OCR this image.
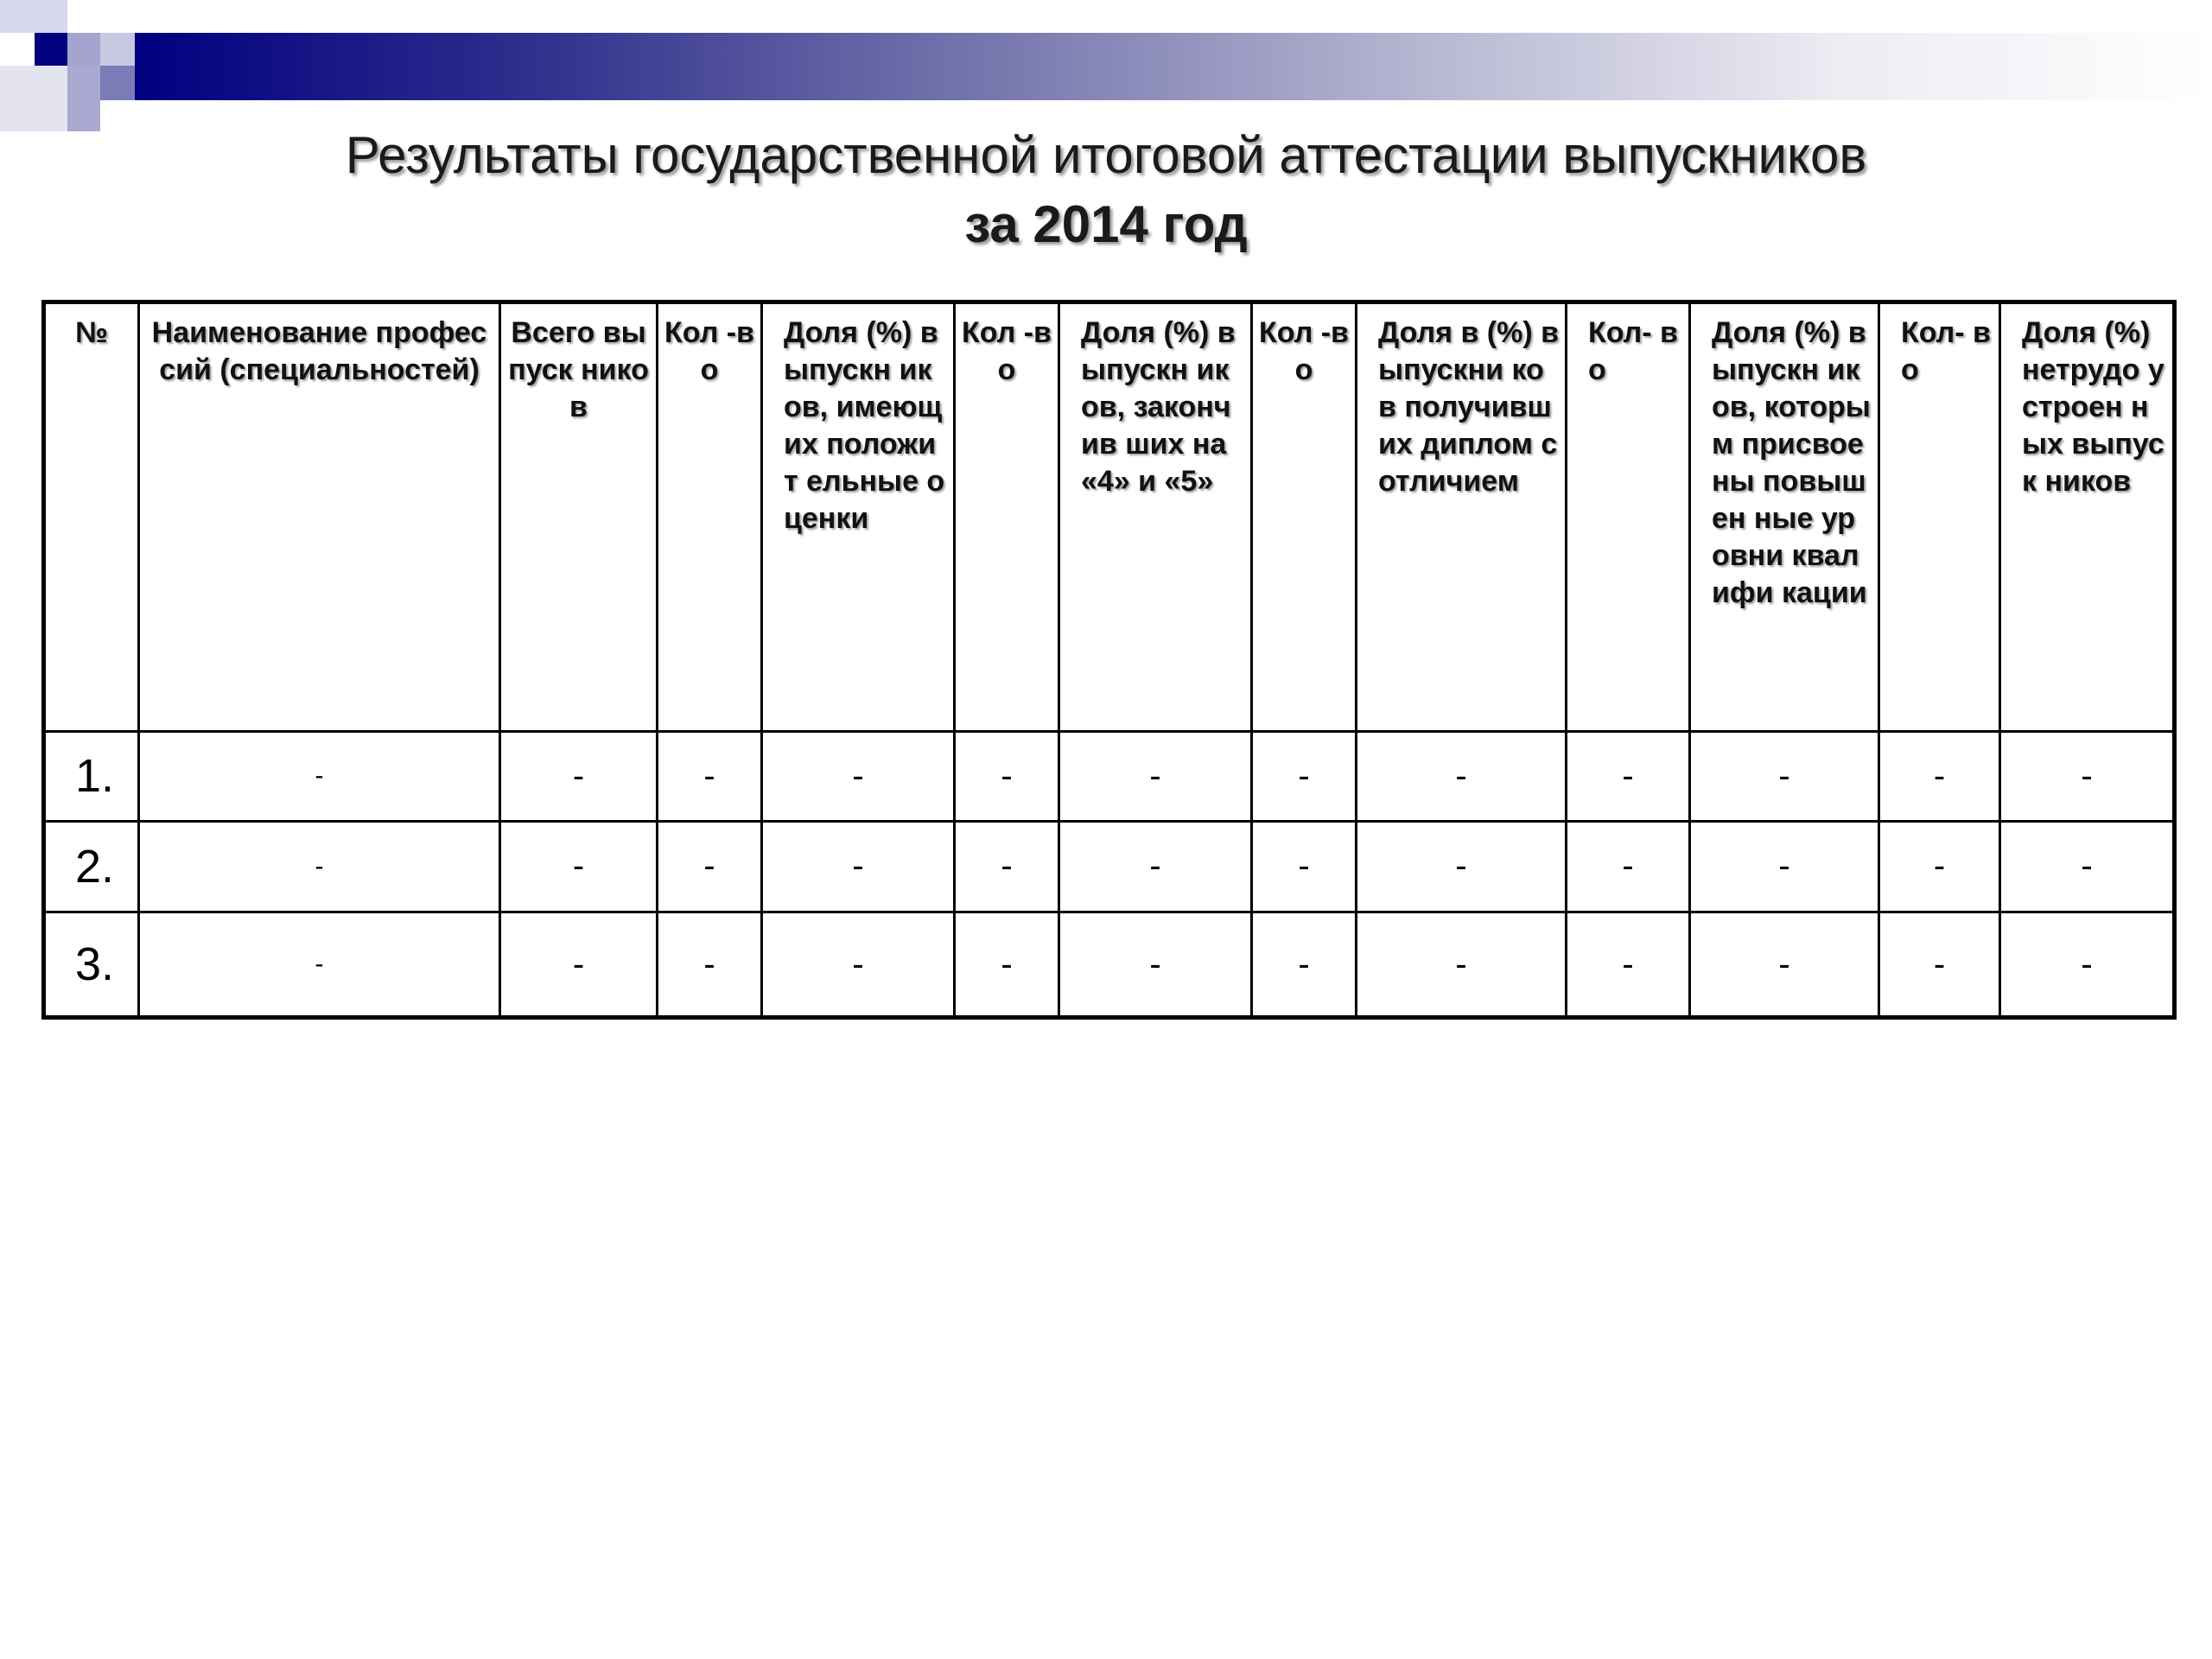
Результаты государственной итоговой аттестации выпускников
за 2014 год
№	Наименование профессий (специальностей)	Всего выпуск ников	Кол -во	Доля (%) выпускн иков, имеющих положит ельные оценки	Кол -во	Доля (%) выпускн иков, закончив ших на «4» и «5»	Кол -во	Доля в (%) выпускни ков получивш их диплом с отличием	Кол- во	Доля (%) выпускн иков, которым присвое ны повышен ные уровни квалифи кации	Кол- во	Доля (%) нетрудо устроен ных выпуск ников
1.	-	-	-	-	-	-	-	-	-	-	-	-
2.	-	-	-	-	-	-	-	-	-	-	-	-
3.	-	-	-	-	-	-	-	-	-	-	-	-
